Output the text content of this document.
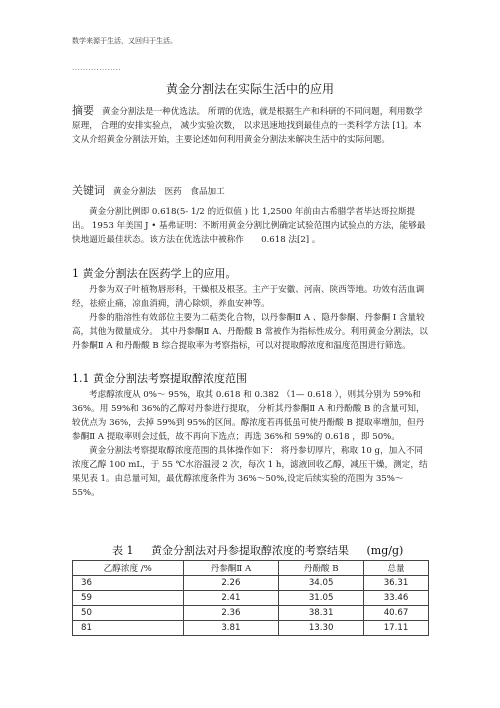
数学来源于生活，又回归于生活。
··················
黄金分割法在实际生活中的应用

摘要 黄金分割法是一种优选法。 所谓的优选，就是根据生产和科研的不同问题，利用数学原理， 合理的安排实验点， 减少实验次数， 以求迅速地找到最佳点的一类科学方法 [1]。本文从介绍黄金分割法开始，主要论述如何利用黄金分割法来解决生活中的实际问题。

关键词 黄金分割法　医药　食品加工

黄金分割比例即 0.618(5- 1/2 的近似值 ) 比 1,2500 年前由古希腊学者毕达哥拉斯提出。 1953 年美国 J • 基弗证明：不断用黄金分割比例确定试验范围内试验点的方法，能够最快地逼近最佳状态。该方法在优选法中被称作　　0.618 法[2] 。

1 黄金分割法在医药学上的应用。

丹参为双子叶植物唇形科，干燥根及根茎。主产于安徽、河南、陕西等地。功效有活血调经，祛瘀止痛，凉血消痈，清心除烦，养血安神等。

丹参的脂溶性有效部位主要为二萜类化合物，以丹参酮Ⅱ A 、隐丹参酮、丹参酮 I 含量较高，其他为微量成分。 其中丹参酮Ⅱ A、丹酚酸 B 常被作为指标性成分。利用黄金分割法，以丹参酮Ⅱ A 和丹酚酸 B 综合提取率为考察指标，可以对提取醇浓度和温度范围进行筛选。

1.1 黄金分割法考察提取醇浓度范围

考虑醇浓度从 0%～ 95%，取其 0.618 和 0.382 （1— 0.618 ），则其分别为 59%和 36%。用 59%和 36%的乙醇对丹参进行提取， 分析其丹参酮Ⅱ A 和丹酚酸 B 的含量可知，较优点为 36%，去掉 59%到 95%的区间。醇浓度若再低虽可使丹酚酸 B 提取率增加，但丹参酮Ⅱ A 提取率则会过低，故不再向下选点；再选 36%和 59%的 0.618 ，即 50%。

黄金分割法考察提取醇浓度范围的具体操作如下： 将丹参切厚片，称取 10 g，加入不同浓度乙醇 100 mL，于 55 ℃水浴温浸 2 次，每次 1 h，滤液回收乙醇，减压干燥，测定，结果见表 1。由总量可知，最优醇浓度条件为 36%～50%,设定后续实验的范围为 35%～55%。

表 1 黄金分割法对丹参提取醇浓度的考察结果 (mg/g)
乙醇浓度 /%	丹参酮Ⅱ A	丹酚酸 B	总量
36	2.26	34.05	36.31
59	2.41	31.05	33.46
50	2.36	38.31	40.67
81	3.81	13.30	17.11
